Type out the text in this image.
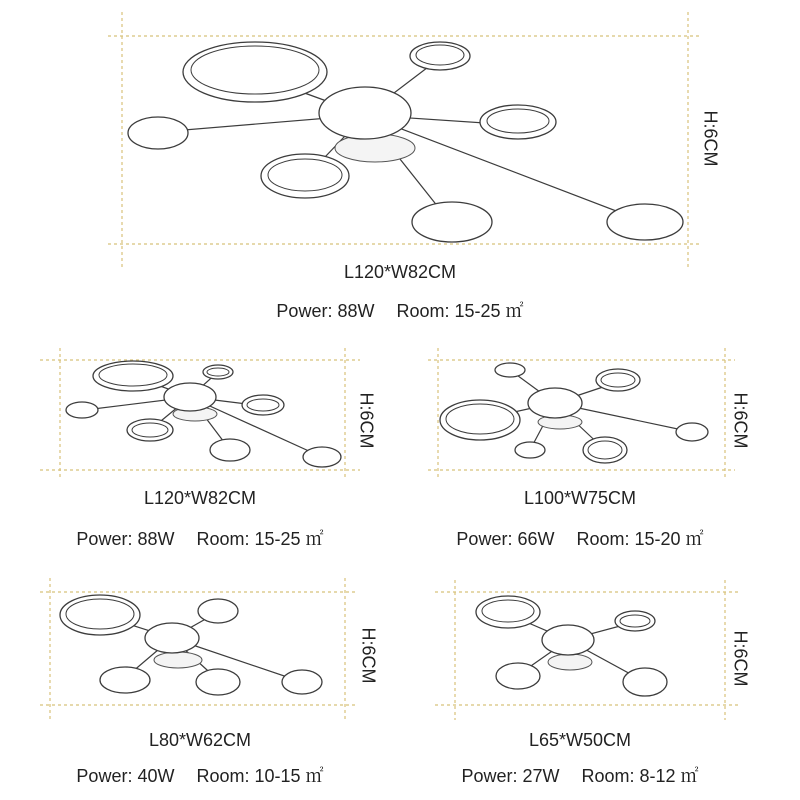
H:6CM
L120*W82CM
Power: 88W Room: 15-25 ㎡
H:6CM
L120*W82CM
Power: 88W Room: 15-25 ㎡
H:6CM
L100*W75CM
Power: 66W Room: 15-20 ㎡
H:6CM
L80*W62CM
Power: 40W Room: 10-15 ㎡
H:6CM
L65*W50CM
Power: 27W Room: 8-12 ㎡
